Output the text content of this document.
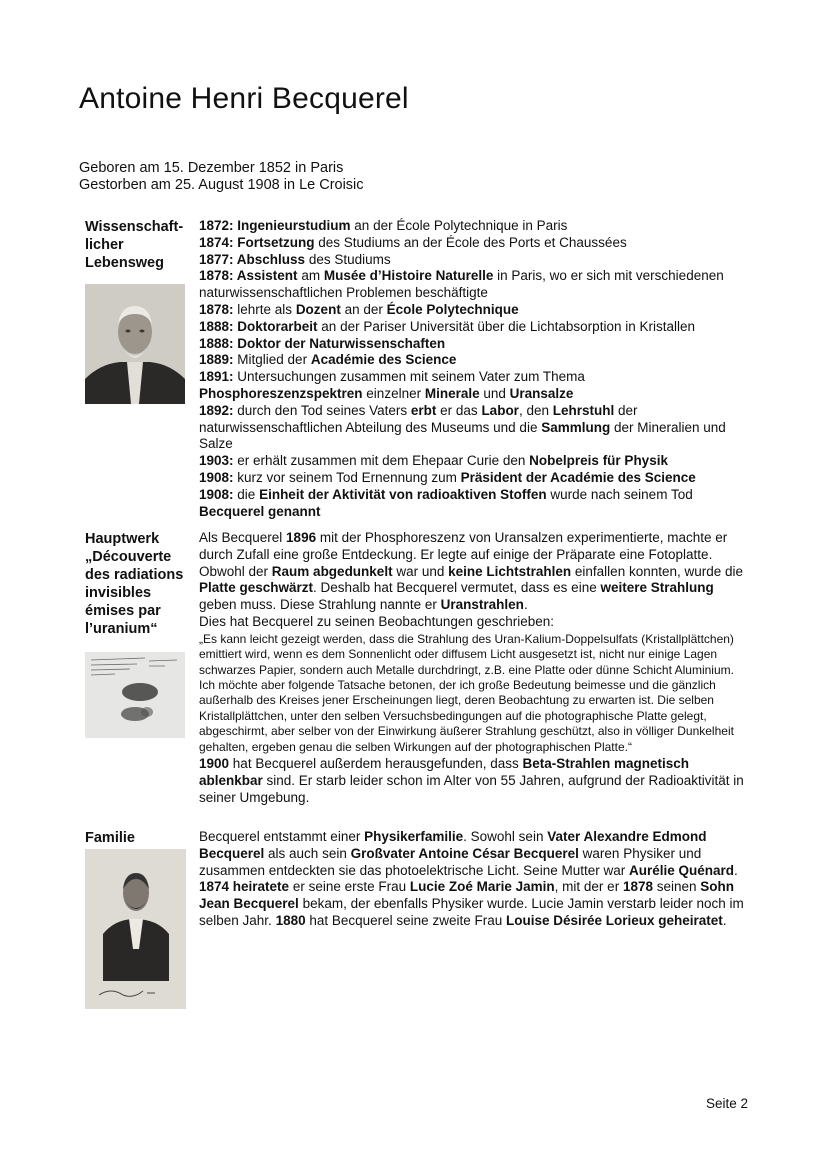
Antoine Henri Becquerel
Geboren am 15. Dezember 1852 in Paris
Gestorben am 25. August 1908 in Le Croisic
Wissenschaft-
licher
Lebensweg
1872: Ingenieurstudium an der École Polytechnique in Paris
1874: Fortsetzung des Studiums an der École des Ports et Chaussées
1877: Abschluss des Studiums
1878: Assistent am Musée d’Histoire Naturelle in Paris, wo er sich mit verschiedenen naturwissenschaftlichen Problemen beschäftigte
1878: lehrte als Dozent an der École Polytechnique
1888: Doktorarbeit an der Pariser Universität über die Lichtabsorption in Kristallen
1888: Doktor der Naturwissenschaften
1889: Mitglied der Académie des Science
1891: Untersuchungen zusammen mit seinem Vater zum Thema Phosphoreszenzspektren einzelner Minerale und Uransalze
1892: durch den Tod seines Vaters erbt er das Labor, den Lehrstuhl der naturwissenschaftlichen Abteilung des Museums und die Sammlung der Mineralien und Salze
1903: er erhält zusammen mit dem Ehepaar Curie den Nobelpreis für Physik
1908: kurz vor seinem Tod Ernennung zum Präsident der Académie des Science
1908: die Einheit der Aktivität von radioaktiven Stoffen wurde nach seinem Tod Becquerel genannt
Hauptwerk
„Découverte
des radiations
invisibles
émises par
l’uranium“

Als Becquerel 1896 mit der Phosphoreszenz von Uransalzen experimentierte, machte er durch Zufall eine große Entdeckung. Er legte auf einige der Präparate eine Fotoplatte. Obwohl der Raum abgedunkelt war und keine Lichtstrahlen einfallen konnten, wurde die Platte geschwärzt. Deshalb hat Becquerel vermutet, dass es eine weitere Strahlung geben muss. Diese Strahlung nannte er Uranstrahlen.

Dies hat Becquerel zu seinen Beobachtungen geschrieben:

„Es kann leicht gezeigt werden, dass die Strahlung des Uran-Kalium-Doppelsulfats (Kristallplättchen) emittiert wird, wenn es dem Sonnenlicht oder diffusem Licht ausgesetzt ist, nicht nur einige Lagen schwarzes Papier, sondern auch Metalle durchdringt, z.B. eine Platte oder dünne Schicht Aluminium.

Ich möchte aber folgende Tatsache betonen, der ich große Bedeutung beimesse und die gänzlich außerhalb des Kreises jener Erscheinungen liegt, deren Beobachtung zu erwarten ist. Die selben Kristallplättchen, unter den selben Versuchsbedingungen auf die photographische Platte gelegt, abgeschirmt, aber selber von der Einwirkung äußerer Strahlung geschützt, also in völliger Dunkelheit gehalten, ergeben genau die selben Wirkungen auf der photographischen Platte.“

1900 hat Becquerel außerdem herausgefunden, dass Beta-Strahlen magnetisch ablenkbar sind. Er starb leider schon im Alter von 55 Jahren, aufgrund der Radioaktivität in seiner Umgebung.

Familie	Becquerel entstammt einer Physikerfamilie. Sowohl sein Vater Alexandre Edmond Becquerel als auch sein Großvater Antoine César Becquerel waren Physiker und zusammen entdeckten sie das photoelektrische Licht. Seine Mutter war Aurélie Quénard. 1874 heiratete er seine erste Frau Lucie Zoé Marie Jamin, mit der er 1878 seinen Sohn Jean Becquerel bekam, der ebenfalls Physiker wurde. Lucie Jamin verstarb leider noch im selben Jahr. 1880 hat Becquerel seine zweite Frau Louise Désirée Lorieux geheiratet.

Seite 2
